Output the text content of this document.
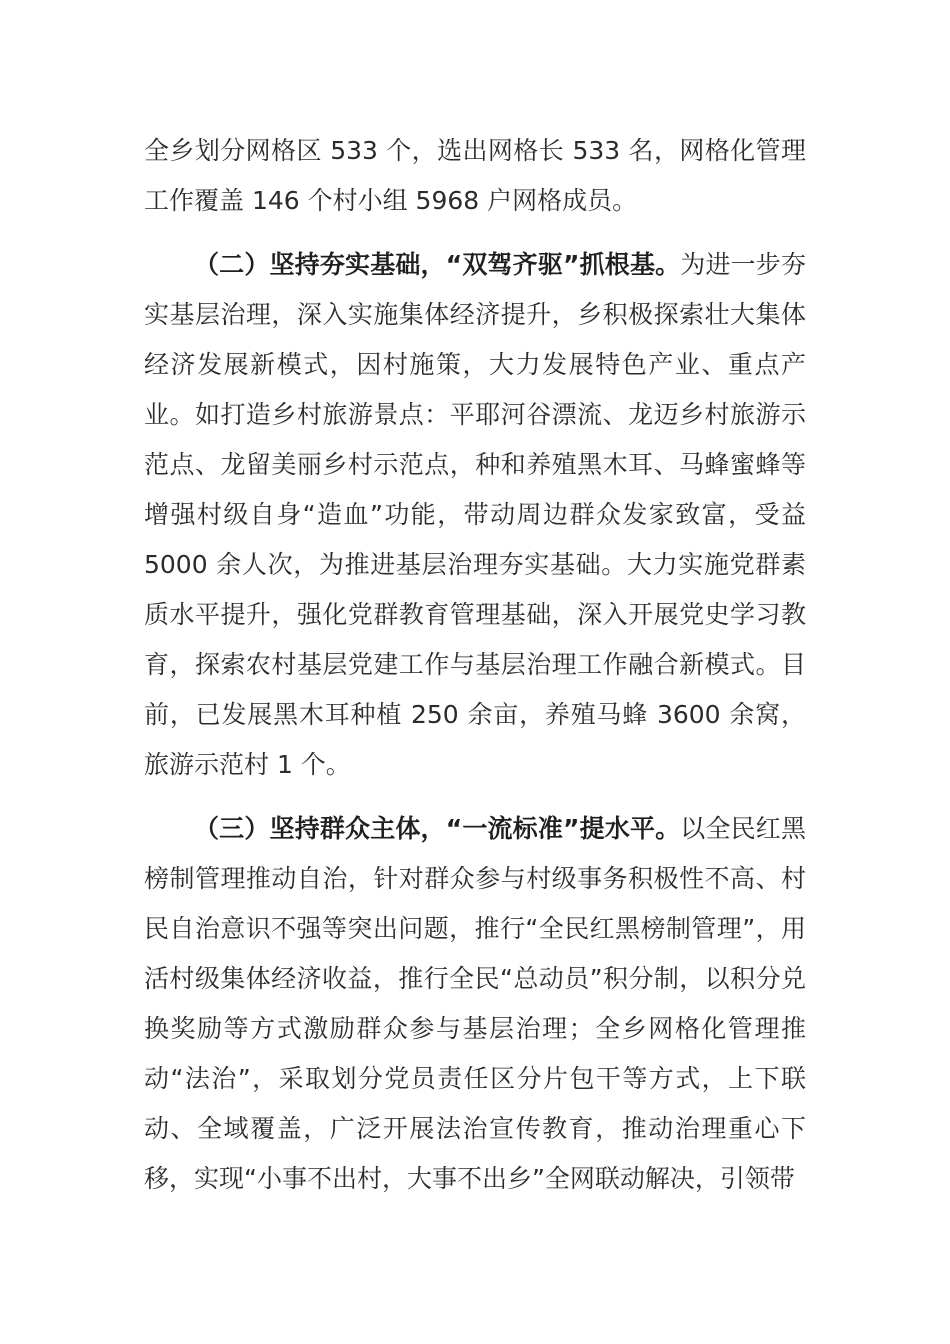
全乡划分网格区 533 个，选出网格长 533 名，网格化管理工作覆盖 146 个村小组 5968 户网格成员。

（二）坚持夯实基础，“双驾齐驱”抓根基。为进一步夯实基层治理，深入实施集体经济提升，乡积极探索壮大集体经济发展新模式，因村施策，大力发展特色产业、重点产业。如打造乡村旅游景点：平耶河谷漂流、龙迈乡村旅游示范点、龙留美丽乡村示范点，种和养殖黑木耳、马蜂蜜蜂等增强村级自身“造血”功能，带动周边群众发家致富，受益 5000 余人次，为推进基层治理夯实基础。大力实施党群素质水平提升，强化党群教育管理基础，深入开展党史学习教育，探索农村基层党建工作与基层治理工作融合新模式。目前，已发展黑木耳种植 250 余亩，养殖马蜂 3600 余窝，旅游示范村 1 个。

（三）坚持群众主体，“一流标准”提水平。以全民红黑榜制管理推动自治，针对群众参与村级事务积极性不高、村民自治意识不强等突出问题，推行“全民红黑榜制管理”，用活村级集体经济收益，推行全民“总动员”积分制，以积分兑换奖励等方式激励群众参与基层治理；全乡网格化管理推动“法治”，采取划分党员责任区分片包干等方式，上下联动、全域覆盖，广泛开展法治宣传教育，推动治理重心下移，实现“小事不出村，大事不出乡”全网联动解决，引领带
